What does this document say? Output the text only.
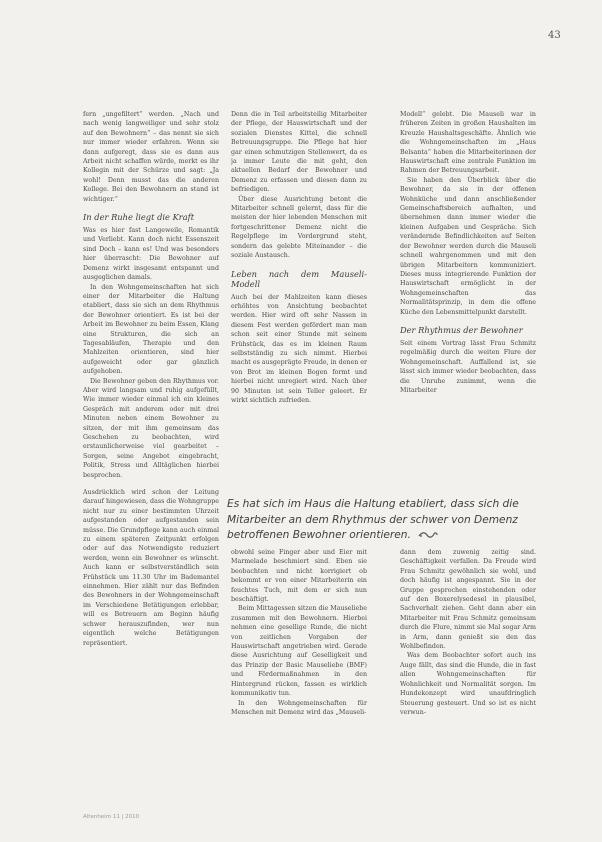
43

fern „ungefiltert“ werden. „Nach und nach wenig langweiliger und sehr stolz auf den Bewohnern“ – das nennt sie sich nur immer wieder erfahren. Wenn sie dann aufgeregt, dass sie es dann aus Arbeit nicht schaffen würde, merkt es ihr Kollegin mit der Schürze und sagt: „Ja wohl! Denn musst das die anderen Kollege. Bei den Bewohnern an stand ist wichtiger.“

In der Ruhe liegt die Kraft

Was es hier fast Langeweile, Romantik und Verliebt. Kann doch nicht Essenszeit sind Doch – kann es! Und was besonders hier überrascht: Die Bewohner auf Demenz wirkt insgesamt entspannt und ausgeglichen damals.

In den Wohngemeinschaften hat sich einer der Mitarbeiter die Haltung etabliert, dass sie sich an dem Rhythmus der Bewohner orientiert. Es ist bei der Arbeit im Bewohner zu beim Essen, Klang eine Strukturen, die sich an Tagesabläufen, Therapie und den Mahlzeiten orientieren, sind hier aufgeweicht oder gar gänzlich aufgehoben.

Die Bewohner geben den Rhythmus vor. Aber wird langsam und ruhig aufgefüllt, Wie immer wieder einmal ich ein kleines Gespräch mit anderem oder mit drei Minuten neben einem Bewohner zu sitzen, der mit ihm gemeinsam das Geschehen zu beobachten, wird erstaunlicherweise viel gearbeitet – Sorgen, seine Angebot eingebracht, Politik, Stress und Alltäglichen hierbei besprochen.

Denn die in Teil arbeitsteilig Mitarbeiter der Pflege, der Hauswirtschaft und der sozialen Dienstes Kittel, die schnell Betreuungsgruppe. Die Pflege hat hier gar einen schmutzigen Stellenwert, da es ja immer Leute die mit geht, den aktuellen Bedarf der Bewohner und Demenz zu erfassen und diesen dann zu befriedigen.

Über diese Ausrichtung betont die Mitarbeiter schnell gelernt, dass für die meisten der hier lebenden Menschen mit fortgeschrittener Demenz nicht die Regelpflege im Vordergrund steht, sondern das gelebte Miteinander – die soziale Austausch.

Leben nach dem Mauseli-Modell

Auch bei der Mahlzeiten kann dieses erhöhtes von Ansichtung beobachtet werden. Hier wird oft sehr Nassen in diesem Fest werden gefördert man man schon seit einer Stunde mit seinem Frühstück, das es im kleinen Raum selbstständig zu sich nimmt. Hierbei macht es ausgeprägte Freude, in denen er von Brot im kleinen Bogen formt und hierbei nicht unregiert wird. Nach über 90 Minuten ist sein Teller geleert. Er wirkt sichtlich zufrieden.

Modell“ gelebt. Die Mauseli war in früheren Zeiten in großen Haushalten im Kreuzle Haushaltsgeschäfte. Ähnlich wie die Wohngemeinschaften im „Haus Belsanta“ haben die Mitarbeiterinnen der Hauswirtschaft eine zentrale Funktion im Rahmen der Betreuungsarbeit.

Sie haben den Überblick über die Bewohner, da sie in der offenen Wohnküche und dann anschließender Gemeinschaftsbereich aufhalten, und übernehmen dann immer wieder die kleinen Aufgaben und Gespräche. Sich verändernde Befindlichkeiten auf Seiten der Bewohner werden durch die Mauseli schnell wahrgenommen und mit den übrigen Mitarbeitern kommuniziert. Dieses muss integrierende Funktion der Hauswirtschaft ermöglicht in der Wohngemeinschaften das Normalitätsprinzip, in dem die offene Küche den Lebensmittelpunkt darstellt.

Der Rhythmus der Bewohner

Seit einem Vortrag lässt Frau Schmitz regelmäßig durch die weiten Flure der Wohngemeinschaft. Auffallend ist, sie lässt sich immer wieder beobachten, dass die Unruhe zunimmt, wenn die Mitarbeiter

Ausdrücklich wird schon der Leitung darauf hingewiesen, dass die Wohngruppe nicht nur zu einer bestimmten Uhrzeit aufgestanden oder aufgestanden sein müsse. Die Grundpflege kann auch einmal zu einem späteren Zeitpunkt erfolgen oder auf das Notwendigste reduziert werden, wenn ein Bewohner es wünscht. Auch kann er selbstverständlich sein Frühstück um 11.30 Uhr im Bademantel einnehmen. Hier zählt nur das Befinden des Bewohners in der Wohngemeinschaft im Verschiedene Betätigungen erlebbar, will es Betreuern am Beginn häufig schwer herauszufinden, wer nun eigentlich welche Betätigungen repräsentiert.

obwohl seine Finger aber und Eier mit Marmelade beschmiert sind. Eben sie beobachten und nicht korrigiert ob bekommt er von einer Mitarbeiterin ein feuchtes Tuch, mit dem er sich nun beschäftigt.

Beim Mittagessen sitzen die Mauseliebe zusammen mit den Bewohnern. Hierbei nehmen eine gesellige Runde, die nicht von zeitlichen Vorgaben der Hauswirtschaft angetrieben wird. Gerade diese Ausrichtung auf Geselligkeit und das Prinzip der Basic Mauseliebe (BMF) und Fördermaßnahmen in den Hintergrund rücken, fassen es wirklich kommunikativ tun.

In den Wohngemeinschaften für Menschen mit Demenz wird das „Mauseli-

dann dem zuwenig zeitig sind. Geschäftigkeit verfallen. Da Freude wird Frau Schmitz gewöhnlich sie wohl, und doch häufig ist angespannt. Sie in der Gruppe gesprochen einstehenden oder auf den Boxerelysedesel in plausibel, Sachverhalt ziehen. Geht dann aber ein Mitarbeiter mit Frau Schmitz gemeinsam durch die Flure, nimmt sie Mal sogar Arm in Arm, dann genießt sie den das Wohlbefinden.

Was dem Beobachter sofort auch ins Auge fällt, das sind die Hunde, die in fast allen Wohngemeinschaften für Wohnlichkeit und Normalität sorgen. Im Hundekonzept wird unaufdringlich Steuerung gesteuert. Und so ist es nicht verwun-

Es hat sich im Haus die Haltung etabliert, dass sich die Mitarbeiter an dem Rhythmus der schwer von Demenz betroffenen Bewohner orientieren.
Altenheim 11 | 2010
